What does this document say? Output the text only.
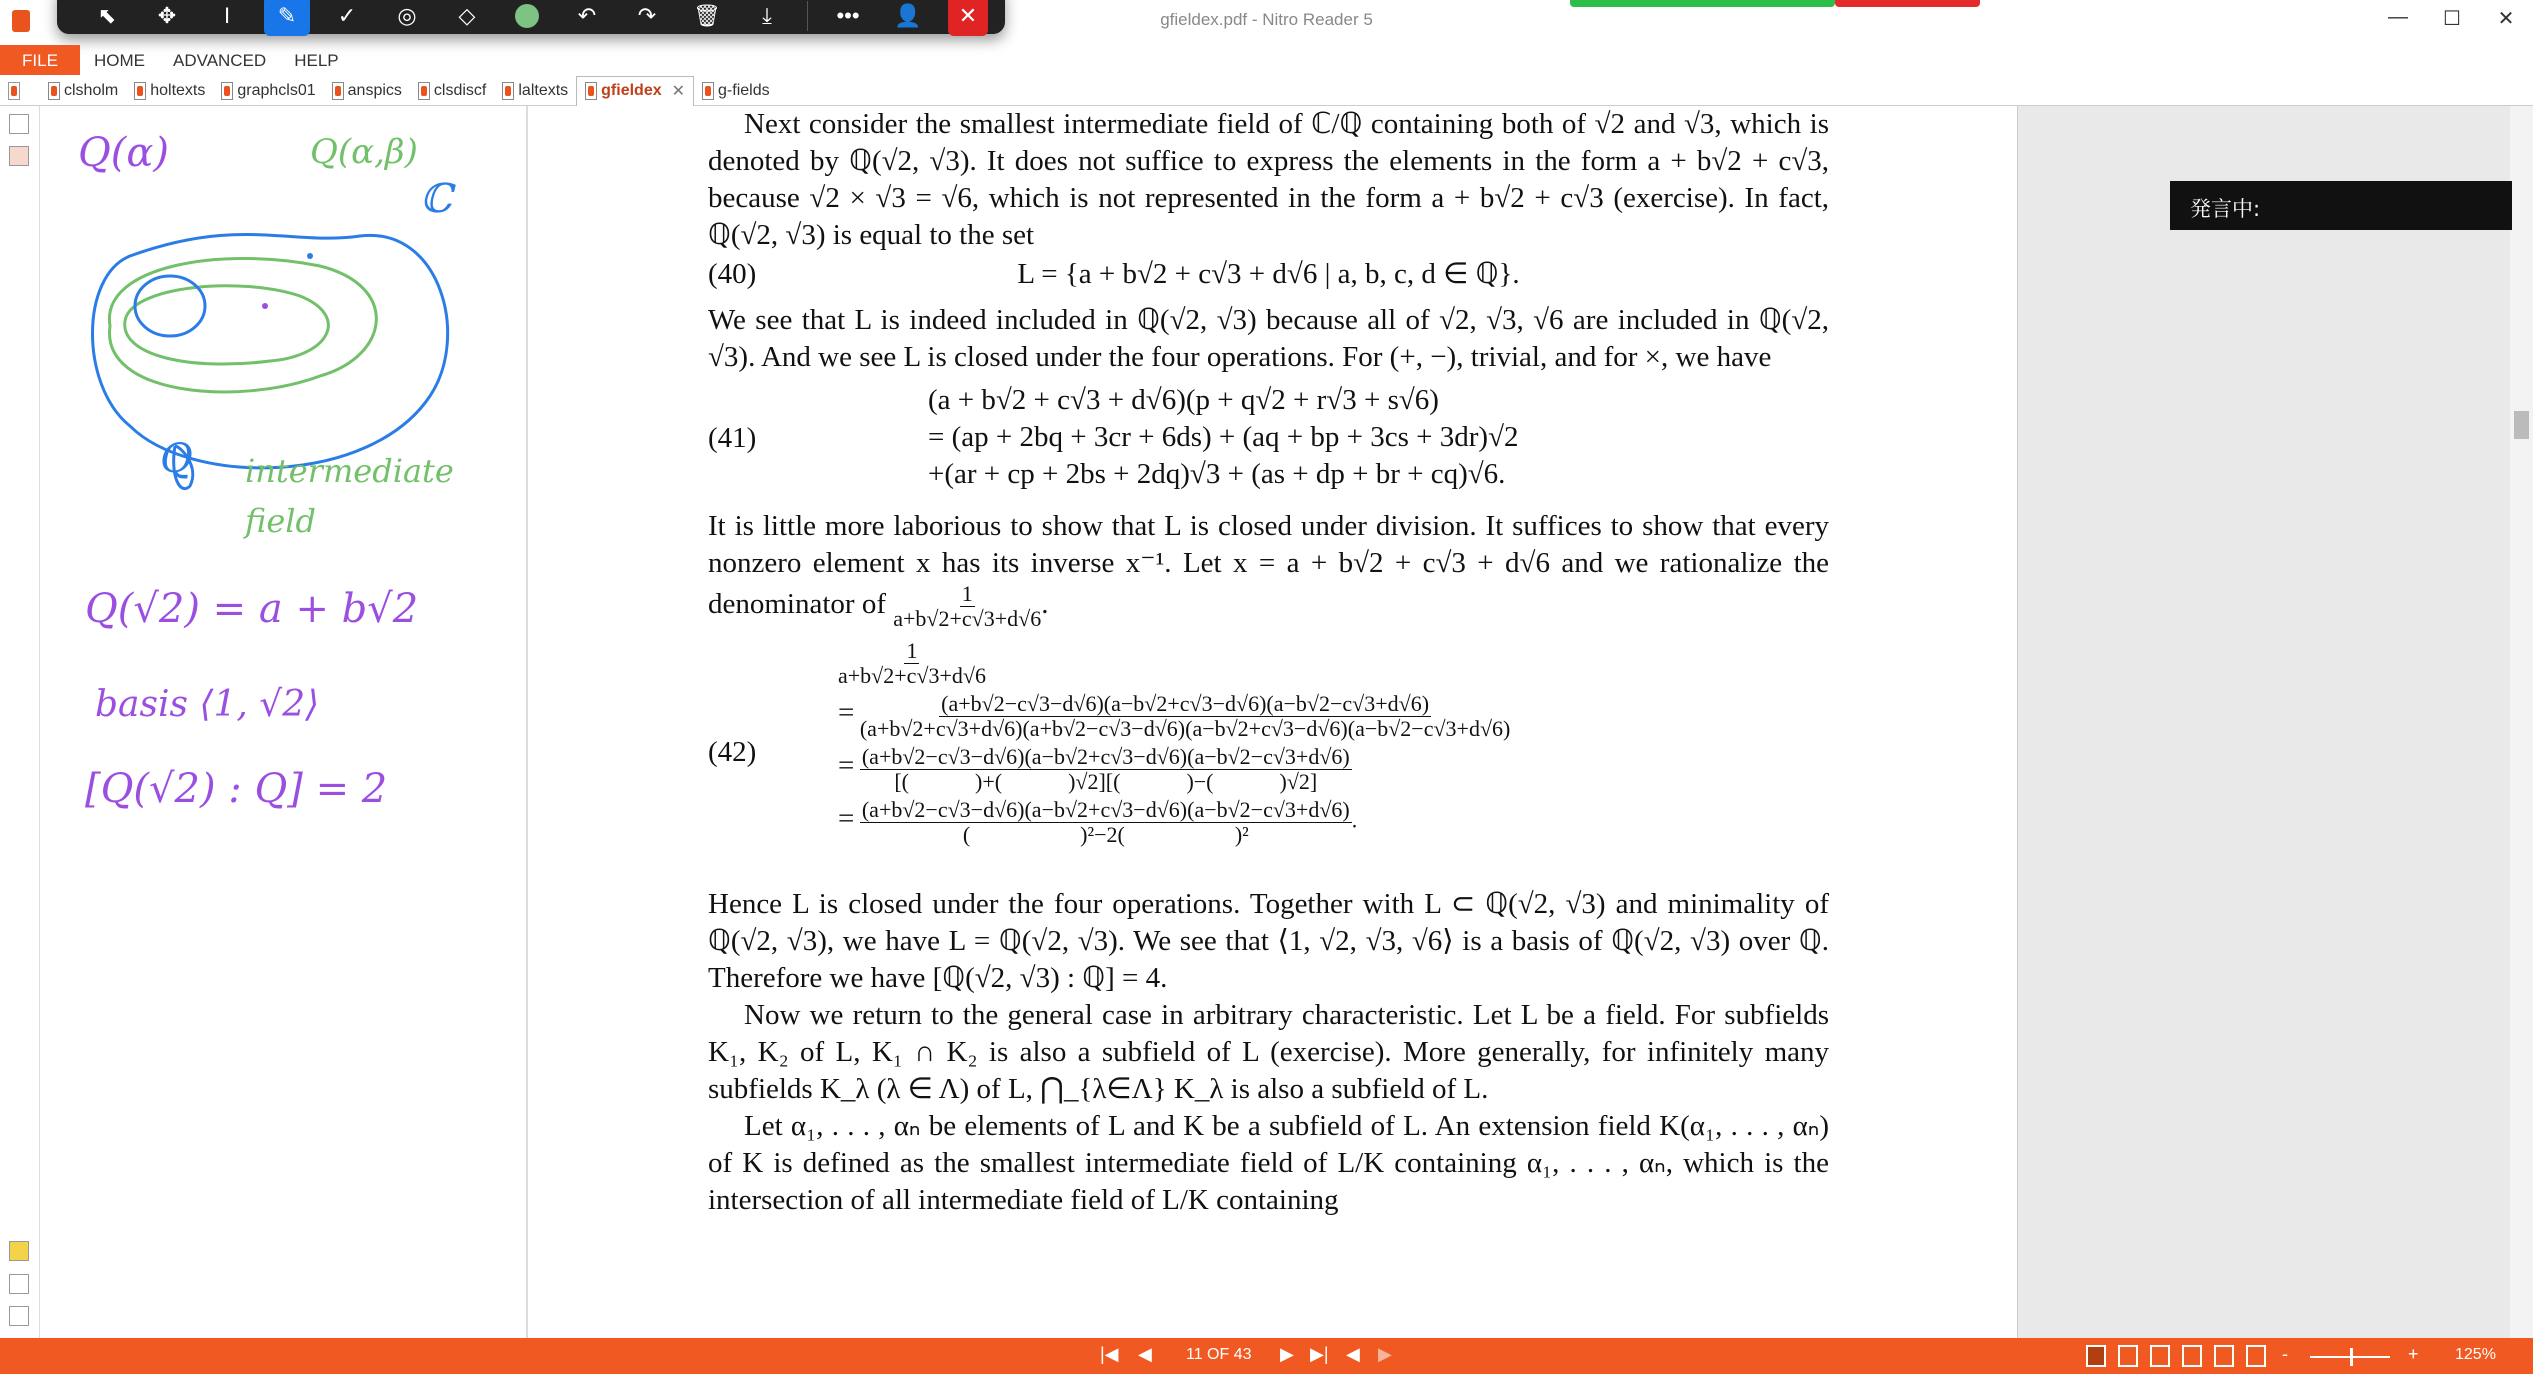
gfieldex.pdf - Nitro Reader 5	—	☐	✕
⬉	✥	I	✎	✓	◎	◇	↶	↷	🗑	⤓	•••	👤	✕
FILE	HOME	ADVANCED	HELP
clsholm holtexts graphcls01 anspics clsdiscf laltexts gfieldex ✕ g-fields
Q(α)	Q(α,β)
ℂ
Q intermediate field
Q(√2) = a + b√2
basis ⟨1, √2⟩
[Q(√2) : Q] = 2
Next consider the smallest intermediate field of ℂ/ℚ containing both of √2 and √3, which is denoted by ℚ(√2, √3). It does not suffice to express the elements in the form a + b√2 + c√3, because √2 × √3 = √6, which is not represented in the form a + b√2 + c√3 (exercise). In fact, ℚ(√2, √3) is equal to the set
(40)	L = {a + b√2 + c√3 + d√6 | a, b, c, d ∈ ℚ}.
We see that L is indeed included in ℚ(√2, √3) because all of √2, √3, √6 are included in ℚ(√2, √3). And we see L is closed under the four operations. For (+, −), trivial, and for ×, we have
(41)
(a + b√2 + c√3 + d√6)(p + q√2 + r√3 + s√6)
= (ap + 2bq + 3cr + 6ds) + (aq + bp + 3cs + 3dr)√2
+(ar + cp + 2bs + 2dq)√3 + (as + dp + br + cq)√6.
It is little more laborious to show that L is closed under division. It suffices to show that every nonzero element x has its inverse x⁻¹. Let x = a + b√2 + c√3 + d√6 and we rationalize the denominator of $\frac{1}{a+b√2+c√3+d√6}$ .
(42)
$\frac{1}{a+b√2+c√3+d√6}$
= $\frac{(a+b√2-c√3-d√6)(a-b√2+c√3-d√6)(a-b√2-c√3+d√6)}{(a+b√2+c√3+d√6)(a+b√2-c√3-d√6)(a-b√2+c√3-d√6)(a-b√2-c√3+d√6)}$
= (a+b√2−c√3−d√6)(a−b√2+c√3−d√6)(a−b√2−c√3+d√6)
[(            )+(            )√2][(            )−(            )√2]
= $\frac{(a+b√2-c√3-d√6)(a-b√2+c√3-d√6)(a-b√2-c√3+d√6)}{\text{(                    )²−2(                    )²}}$ .
Hence L is closed under the four operations. Together with L ⊂ ℚ(√2, √3) and minimality of ℚ(√2, √3), we have L = ℚ(√2, √3). We see that ⟨1, √2, √3, √6⟩ is a basis of ℚ(√2, √3) over ℚ. Therefore we have [ℚ(√2, √3) : ℚ] = 4.
Now we return to the general case in arbitrary characteristic. Let L be a field. For subfields K₁, K₂ of L, K₁ ∩ K₂ is also a subfield of L (exercise). More generally, for infinitely many subfields K_λ (λ ∈ Λ) of L, ⋂_{λ∈Λ} K_λ is also a subfield of L.
Let α₁, . . . , αₙ be elements of L and K be a subfield of L. An extension field K(α₁, . . . , αₙ) of K is defined as the smallest intermediate field of L/K containing α₁, . . . , αₙ, which is the intersection of all intermediate field of L/K containing
発言中:
|◀ ◀ 11 OF 43 ▶ ▶| ◀ ▶	-	+ 125%
